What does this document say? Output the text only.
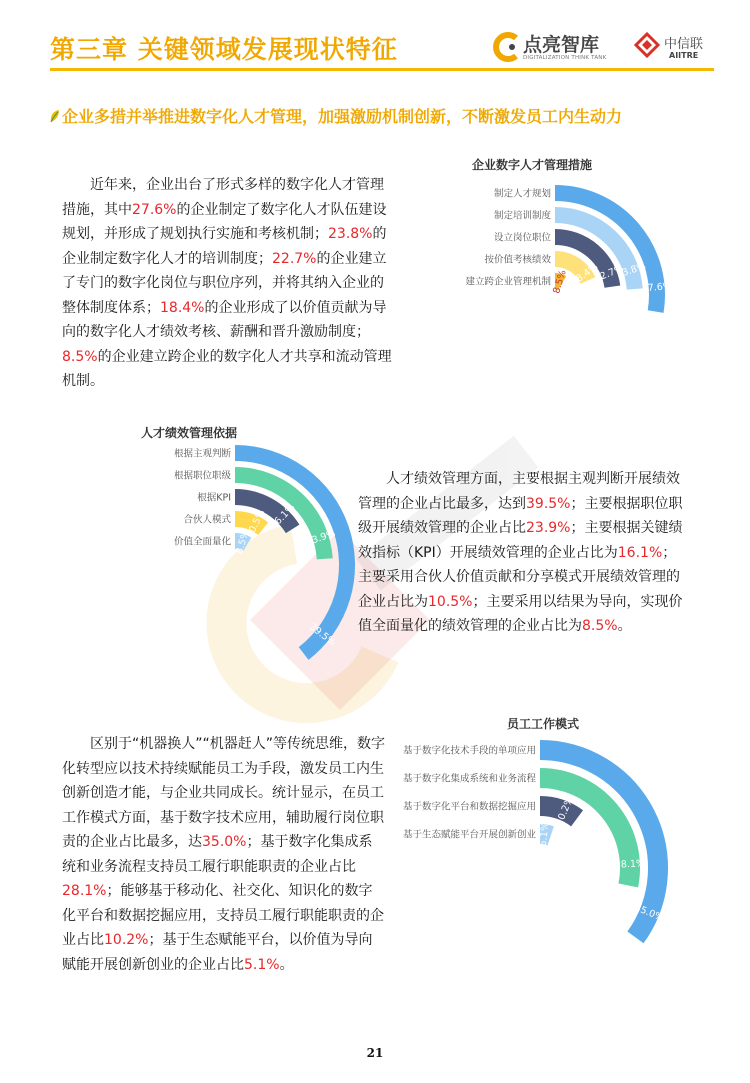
第三章 关键领域发展现状特征	点亮智库
DIGITALIZATION THINK TANK
中信联
AIITRE
企业多措并举推进数字化人才管理，加强激励机制创新，不断激发员工内生动力
近年来，企业出台了形式多样的数字化人才管理措施，其中27.6%的企业制定了数字化人才队伍建设规划，并形成了规划执行实施和考核机制；23.8%的企业制定数字化人才的培训制度；22.7%的企业建立了专门的数字化岗位与职位序列，并将其纳入企业的整体制度体系；18.4%的企业形成了以价值贡献为导向的数字化人才绩效考核、薪酬和晋升激励制度；8.5%的企业建立跨企业的数字化人才共享和流动管理机制。
企业数字人才管理措施
制定人才规划
27.6%
制定培训制度
23.8%
设立岗位职位
22.7%
按价值考核绩效
18.4%
建立跨企业管理机制 8.5%
人才绩效管理依据
根据主观判断
39.5%
根据职位职级
23.9%
根据KPI
16.1%
合伙人模式 10.5%
价值全面量化 8.5%
人才绩效管理方面，主要根据主观判断开展绩效管理的企业占比最多，达到39.5%；主要根据职位职级开展绩效管理的企业占比23.9%；主要根据关键绩效指标（KPI）开展绩效管理的企业占比为16.1%；主要采用合伙人价值贡献和分享模式开展绩效管理的企业占比为10.5%；主要采用以结果为导向，实现价值全面量化的绩效管理的企业占比为8.5%。
区别于“机器换人”“机器赶人”等传统思维，数字化转型应以技术持续赋能员工为手段，激发员工内生创新创造才能，与企业共同成长。统计显示，在员工工作模式方面，基于数字技术应用，辅助履行岗位职责的企业占比最多，达35.0%；基于数字化集成系统和业务流程支持员工履行职能职责的企业占比28.1%；能够基于移动化、社交化、知识化的数字化平台和数据挖掘应用，支持员工履行职能职责的企业占比10.2%；基于生态赋能平台，以价值为导向赋能开展创新创业的企业占比5.1%。
员工工作模式
基于数字化技术手段的单项应用
35.0%
基于数字化集成系统和业务流程
28.1%
基于数字化平台和数据挖掘应用 10.2%
基于生态赋能平台开展创新创业 5.1%
21
